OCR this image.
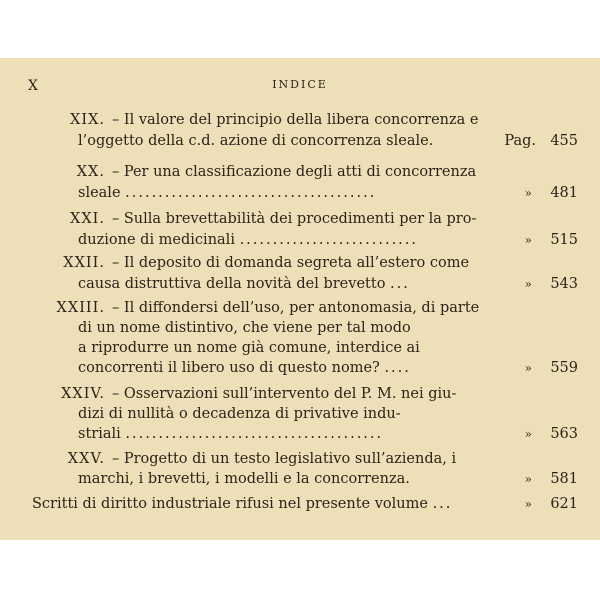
X	INDICE
XIX. – Il valore del principio della libera concorrenza e
l’oggetto della c.d. azione di concorrenza sleale.	Pag. 455
XX. – Per una classificazione degli atti di concorrenza
sleale ......................................	» 481
XXI. – Sulla brevettabilità dei procedimenti per la pro-
duzione di medicinali ...........................	» 515
XXII. – Il deposito di domanda segreta all’estero come
causa distruttiva della novità del brevetto ...	» 543
XXIII. – Il diffondersi dell’uso, per antonomasia, di parte
di un nome distintivo, che viene per tal modo
a riprodurre un nome già comune, interdice ai
concorrenti il libero uso di questo nome? ....	» 559
XXIV. – Osservazioni sull’intervento del P. M. nei giu-
dizi di nullità o decadenza di privative indu-
striali .......................................	» 563
XXV. – Progetto di un testo legislativo sull’azienda, i
marchi, i brevetti, i modelli e la concorrenza.	» 581
Scritti di diritto industriale rifusi nel presente volume ...	» 621
